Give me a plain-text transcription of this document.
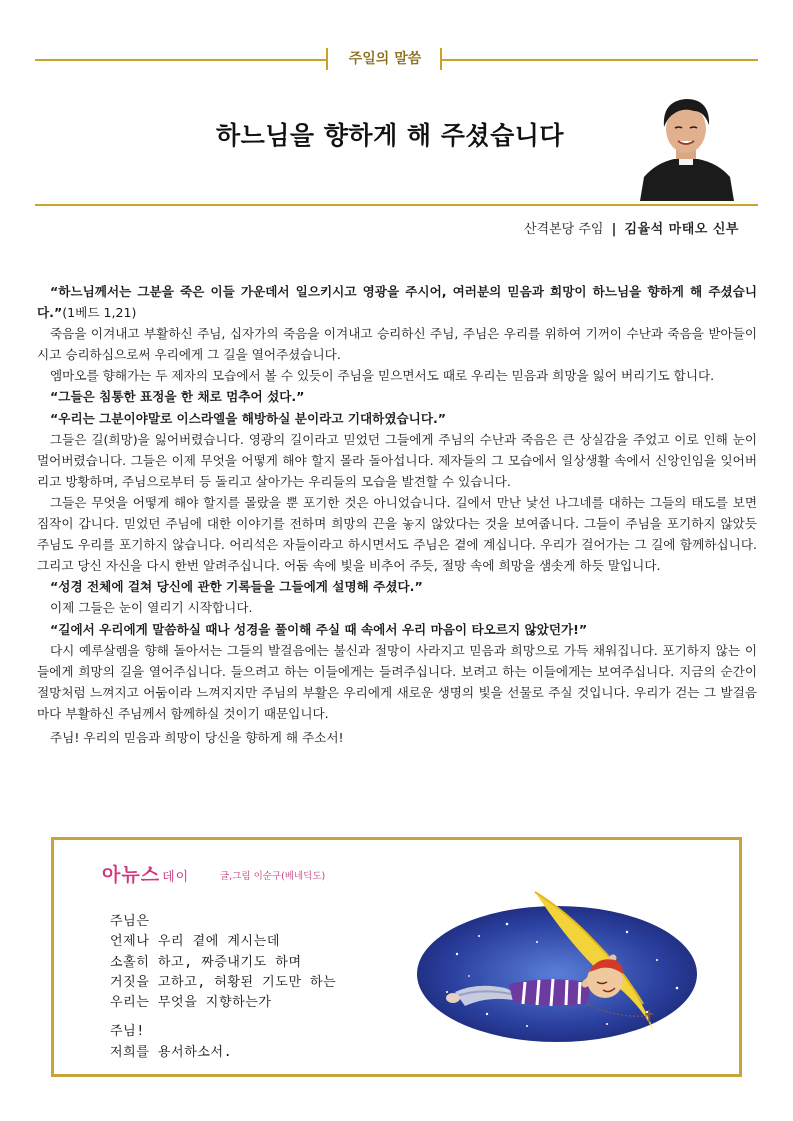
주일의 말씀
하느님을 향하게 해 주셨습니다
산격본당 주임 | 김율석 마태오 신부

“하느님께서는 그분을 죽은 이들 가운데서 일으키시고 영광을 주시어, 여러분의 믿음과 희망이 하느님을 향하게 해 주셨습니다.”(1베드 1,21)

죽음을 이겨내고 부활하신 주님, 십자가의 죽음을 이겨내고 승리하신 주님, 주님은 우리를 위하여 기꺼이 수난과 죽음을 받아들이시고 승리하심으로써 우리에게 그 길을 열어주셨습니다.

엠마오를 향해가는 두 제자의 모습에서 볼 수 있듯이 주님을 믿으면서도 때로 우리는 믿음과 희망을 잃어 버리기도 합니다.

“그들은 침통한 표정을 한 채로 멈추어 섰다.”

“우리는 그분이야말로 이스라엘을 해방하실 분이라고 기대하였습니다.”

그들은 길(희망)을 잃어버렸습니다. 영광의 길이라고 믿었던 그들에게 주님의 수난과 죽음은 큰 상실감을 주었고 이로 인해 눈이 멀어버렸습니다. 그들은 이제 무엇을 어떻게 해야 할지 몰라 돌아섭니다. 제자들의 그 모습에서 일상생활 속에서 신앙인임을 잊어버리고 방황하며, 주님으로부터 등 돌리고 살아가는 우리들의 모습을 발견할 수 있습니다.

그들은 무엇을 어떻게 해야 할지를 몰랐을 뿐 포기한 것은 아니었습니다. 길에서 만난 낯선 나그네를 대하는 그들의 태도를 보면 짐작이 갑니다. 믿었던 주님에 대한 이야기를 전하며 희망의 끈을 놓지 않았다는 것을 보여줍니다. 그들이 주님을 포기하지 않았듯 주님도 우리를 포기하지 않습니다. 어리석은 자들이라고 하시면서도 주님은 곁에 계십니다. 우리가 걸어가는 그 길에 함께하십니다. 그리고 당신 자신을 다시 한번 알려주십니다. 어둠 속에 빛을 비추어 주듯, 절망 속에 희망을 샘솟게 하듯 말입니다.

“성경 전체에 걸쳐 당신에 관한 기록들을 그들에게 설명해 주셨다.”

이제 그들은 눈이 열리기 시작합니다.

“길에서 우리에게 말씀하실 때나 성경을 풀이해 주실 때 속에서 우리 마음이 타오르지 않았던가!”

다시 예루살렘을 향해 돌아서는 그들의 발걸음에는 불신과 절망이 사라지고 믿음과 희망으로 가득 채워집니다. 포기하지 않는 이들에게 희망의 길을 열어주십니다. 들으려고 하는 이들에게는 들려주십니다. 보려고 하는 이들에게는 보여주십니다. 지금의 순간이 절망처럼 느껴지고 어둠이라 느껴지지만 주님의 부활은 우리에게 새로운 생명의 빛을 선물로 주실 것입니다. 우리가 걷는 그 발걸음마다 부활하신 주님께서 함께하실 것이기 때문입니다.

주님! 우리의 믿음과 희망이 당신을 향하게 해 주소서!

아뉴스 데이	글,그림 이순구(베네딕도)
주님은
언제나 우리 곁에 계시는데
소홀히 하고, 짜증내기도 하며
거짓을 고하고, 허황된 기도만 하는
우리는 무엇을 지향하는가
주님!
저희를 용서하소서.
